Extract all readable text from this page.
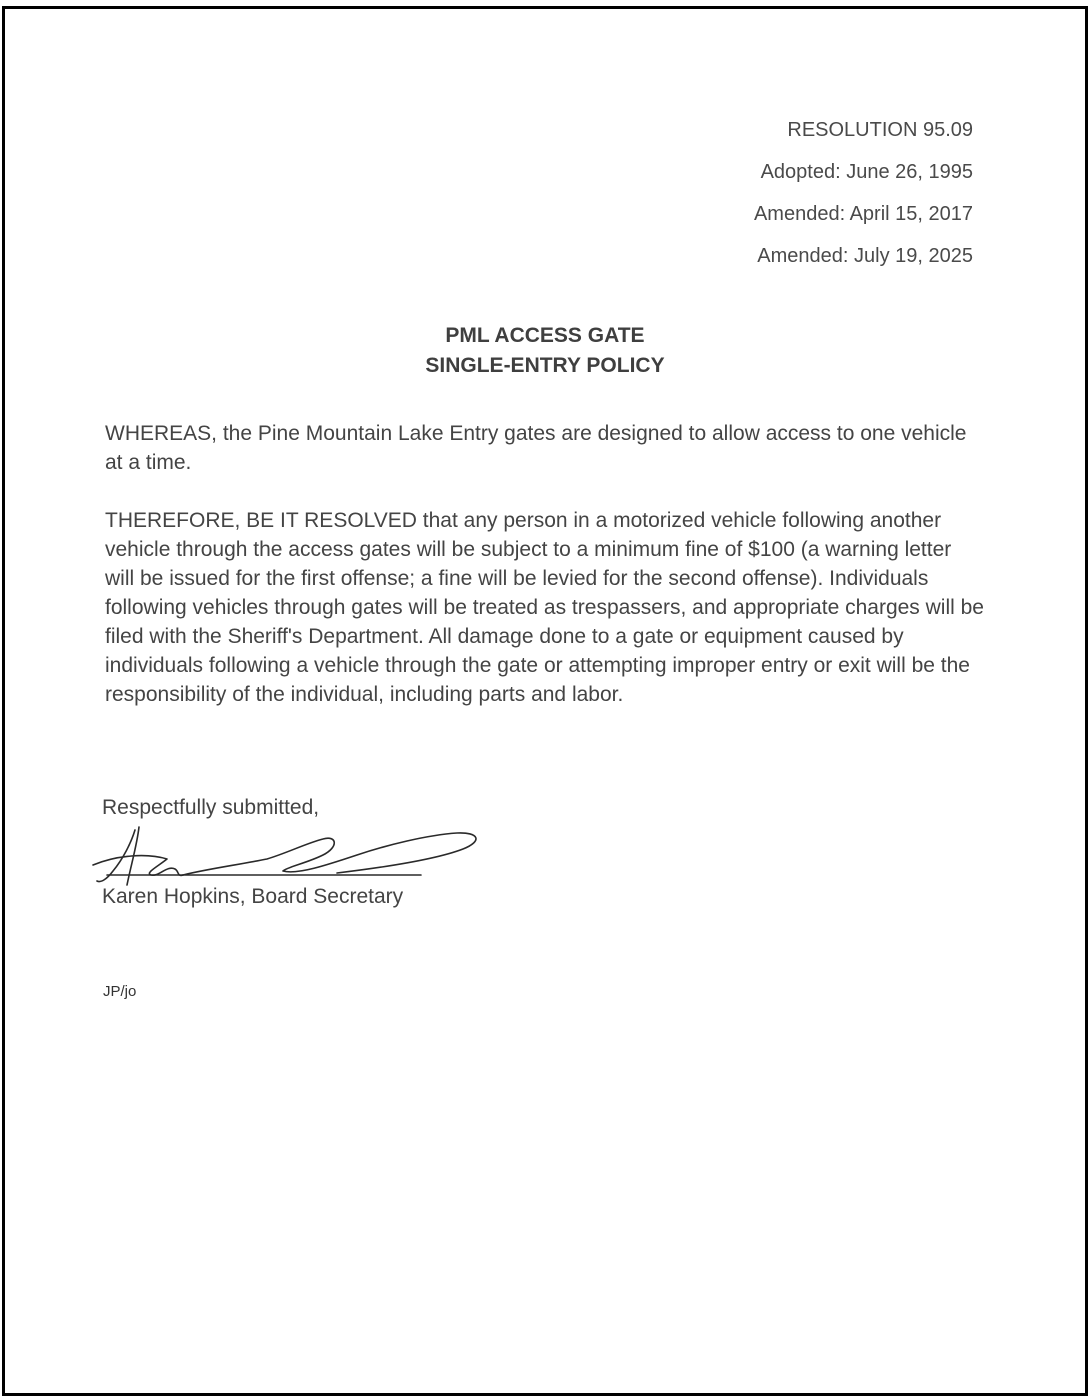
RESOLUTION 95.09
Adopted: June 26, 1995
Amended: April 15, 2017
Amended: July 19, 2025
PML ACCESS GATE
SINGLE-ENTRY POLICY
WHEREAS, the Pine Mountain Lake Entry gates are designed to allow access to one vehicle at a time.
THEREFORE, BE IT RESOLVED that any person in a motorized vehicle following another vehicle through the access gates will be subject to a minimum fine of $100 (a warning letter will be issued for the first offense; a fine will be levied for the second offense). Individuals following vehicles through gates will be treated as trespassers, and appropriate charges will be filed with the Sheriff's Department. All damage done to a gate or equipment caused by individuals following a vehicle through the gate or attempting improper entry or exit will be the responsibility of the individual, including parts and labor.
Respectfully submitted,
Karen Hopkins, Board Secretary
JP/jo
